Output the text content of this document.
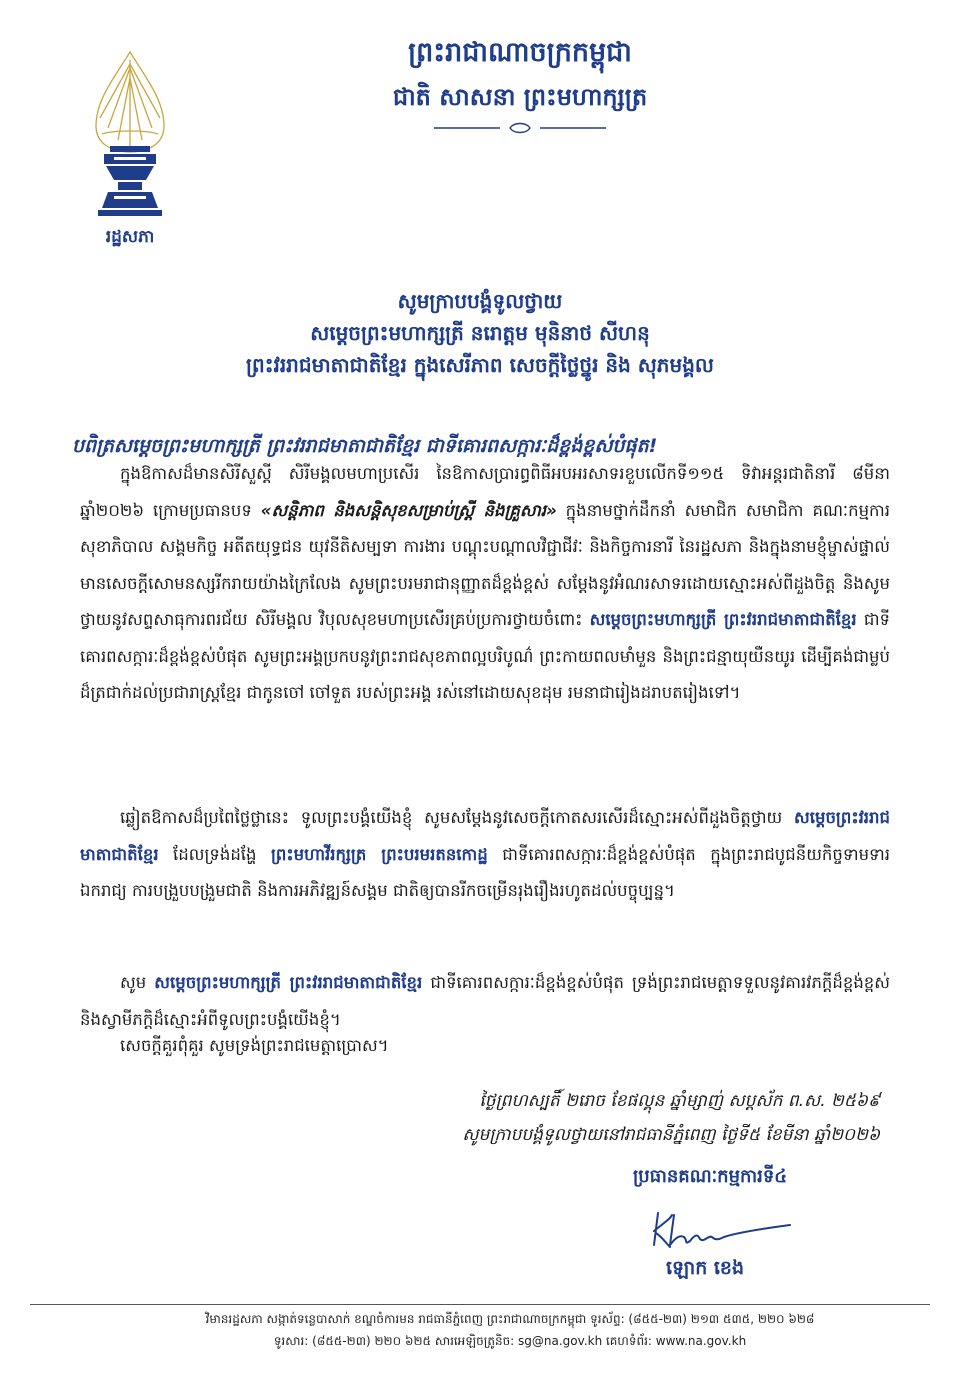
រដ្ឋសភា
ព្រះរាជាណាចក្រកម្ពុជា
ជាតិ សាសនា ព្រះមហាក្សត្រ
សូមក្រាបបង្គំទូលថ្វាយ
សម្ដេចព្រះមហាក្សត្រី នរោត្តម មុនិនាថ សីហនុ
ព្រះវររាជមាតាជាតិខ្មែរ ក្នុងសេរីភាព សេចក្តីថ្លៃថ្នូរ និង សុភមង្គល
បពិត្រសម្ដេចព្រះមហាក្សត្រី ព្រះវររាជមាតាជាតិខ្មែរ ជាទីគោរពសក្ការៈដ៏ខ្ពង់ខ្ពស់បំផុត!
ក្នុងឱកាសដ៏មានសិរីសួស្តី សិរីមង្គលមហាប្រសើរ នៃឱកាសប្រារព្ធពិធីអបអរសាទរខួបលើកទី១១៥ ទិវាអន្តរជាតិនារី ៨មីនា ឆ្នាំ២០២៦ ក្រោមប្រធានបទ «សន្តិភាព និងសន្តិសុខសម្រាប់ស្ត្រី និងគ្រួសារ» ក្នុងនាមថ្នាក់ដឹកនាំ សមាជិក សមាជិកា គណៈកម្មការសុខាភិបាល សង្គមកិច្ច អតីតយុទ្ធជន យុវនីតិសម្បទា ការងារ បណ្តុះបណ្តាលវិជ្ជាជីវៈ និងកិច្ចការនារី នៃរដ្ឋសភា និងក្នុងនាមខ្ញុំម្ចាស់ផ្ទាល់ មានសេចក្តីសោមនស្សរីករាយយ៉ាងក្រៃលែង សូមព្រះបរមរាជានុញ្ញាតដ៏ខ្ពង់ខ្ពស់ សម្តែងនូវអំណរសាទរដោយស្មោះអស់ពីដួងចិត្ត និងសូមថ្វាយនូវសព្ទសាធុការពរជ័យ សិរីមង្គល វិបុលសុខមហាប្រសើរគ្រប់ប្រការថ្វាយចំពោះ សម្តេចព្រះមហាក្សត្រី ព្រះវររាជមាតាជាតិខ្មែរ ជាទីគោរពសក្ការៈដ៏ខ្ពង់ខ្ពស់បំផុត សូមព្រះអង្គប្រកបនូវព្រះរាជសុខភាពល្អបរិបូណ៌ ព្រះកាយពលមាំមួន និងព្រះជន្មាយុយឺនយូរ ដើម្បីគង់ជាម្លប់ដ៏ត្រជាក់ដល់ប្រជារាស្ត្រខ្មែរ ជាកូនចៅ ចៅទួត របស់ព្រះអង្គ រស់នៅដោយសុខដុម រមនាជារៀងដរាបតរៀងទៅ។
ឆ្លៀតឱកាសដ៏ប្រពៃថ្លៃថ្លានេះ ទូលព្រះបង្គំយើងខ្ញុំ សូមសម្តែងនូវសេចក្តីកោតសរសើរដ៏ស្មោះអស់ពីដួងចិត្តថ្វាយ សម្តេចព្រះវររាជមាតាជាតិខ្មែរ ដែលទ្រង់ដង្ហែ ព្រះមហាវីរក្សត្រ ព្រះបរមរតនកោដ្ឋ ជាទីគោរពសក្ការៈដ៏ខ្ពង់ខ្ពស់បំផុត ក្នុងព្រះរាជបូជនីយកិច្ចទាមទារឯករាជ្យ ការបង្រួបបង្រួមជាតិ និងការអភិវឌ្ឍន៍សង្គម ជាតិឲ្យបានរីកចម្រើនរុងរឿងរហូតដល់បច្ចុប្បន្ន។
សូម សម្តេចព្រះមហាក្សត្រី ព្រះវររាជមាតាជាតិខ្មែរ ជាទីគោរពសក្ការៈដ៏ខ្ពង់ខ្ពស់បំផុត ទ្រង់ព្រះរាជមេត្តាទទួលនូវគារវភក្តីដ៏ខ្ពង់ខ្ពស់ និងស្វាមីភក្តិដ៏ស្មោះអំពីទូលព្រះបង្គំយើងខ្ញុំ។
សេចក្តីគួរពុំគួរ សូមទ្រង់ព្រះរាជមេត្តាប្រោស។
ថ្ងៃព្រហស្បតិ៍ ២រោច ខែផល្គុន ឆ្នាំម្សាញ់ សប្តស័ក ព.ស. ២៥៦៩
សូមក្រាបបង្គំទូលថ្វាយនៅរាជធានីភ្នំពេញ ថ្ងៃទី៥ ខែមីនា ឆ្នាំ២០២៦
ប្រធានគណៈកម្មការទី៤
ឡោក ខេង
វិមានរដ្ឋសភា សង្កាត់ទន្លេបាសាក់ ខណ្ឌចំការមន រាជធានីភ្នំពេញ ព្រះរាជាណាចក្រកម្ពុជា ទូរស័ព្ទ: (៨៥៥-២៣) ២១៣ ៥៣៥, ២២០ ៦២៨
ទូរសារ: (៨៥៥-២៣) ២២០ ៦២៥ សារអេឡិចត្រូនិច: sg@na.gov.kh គេហទំព័រ: www.na.gov.kh
